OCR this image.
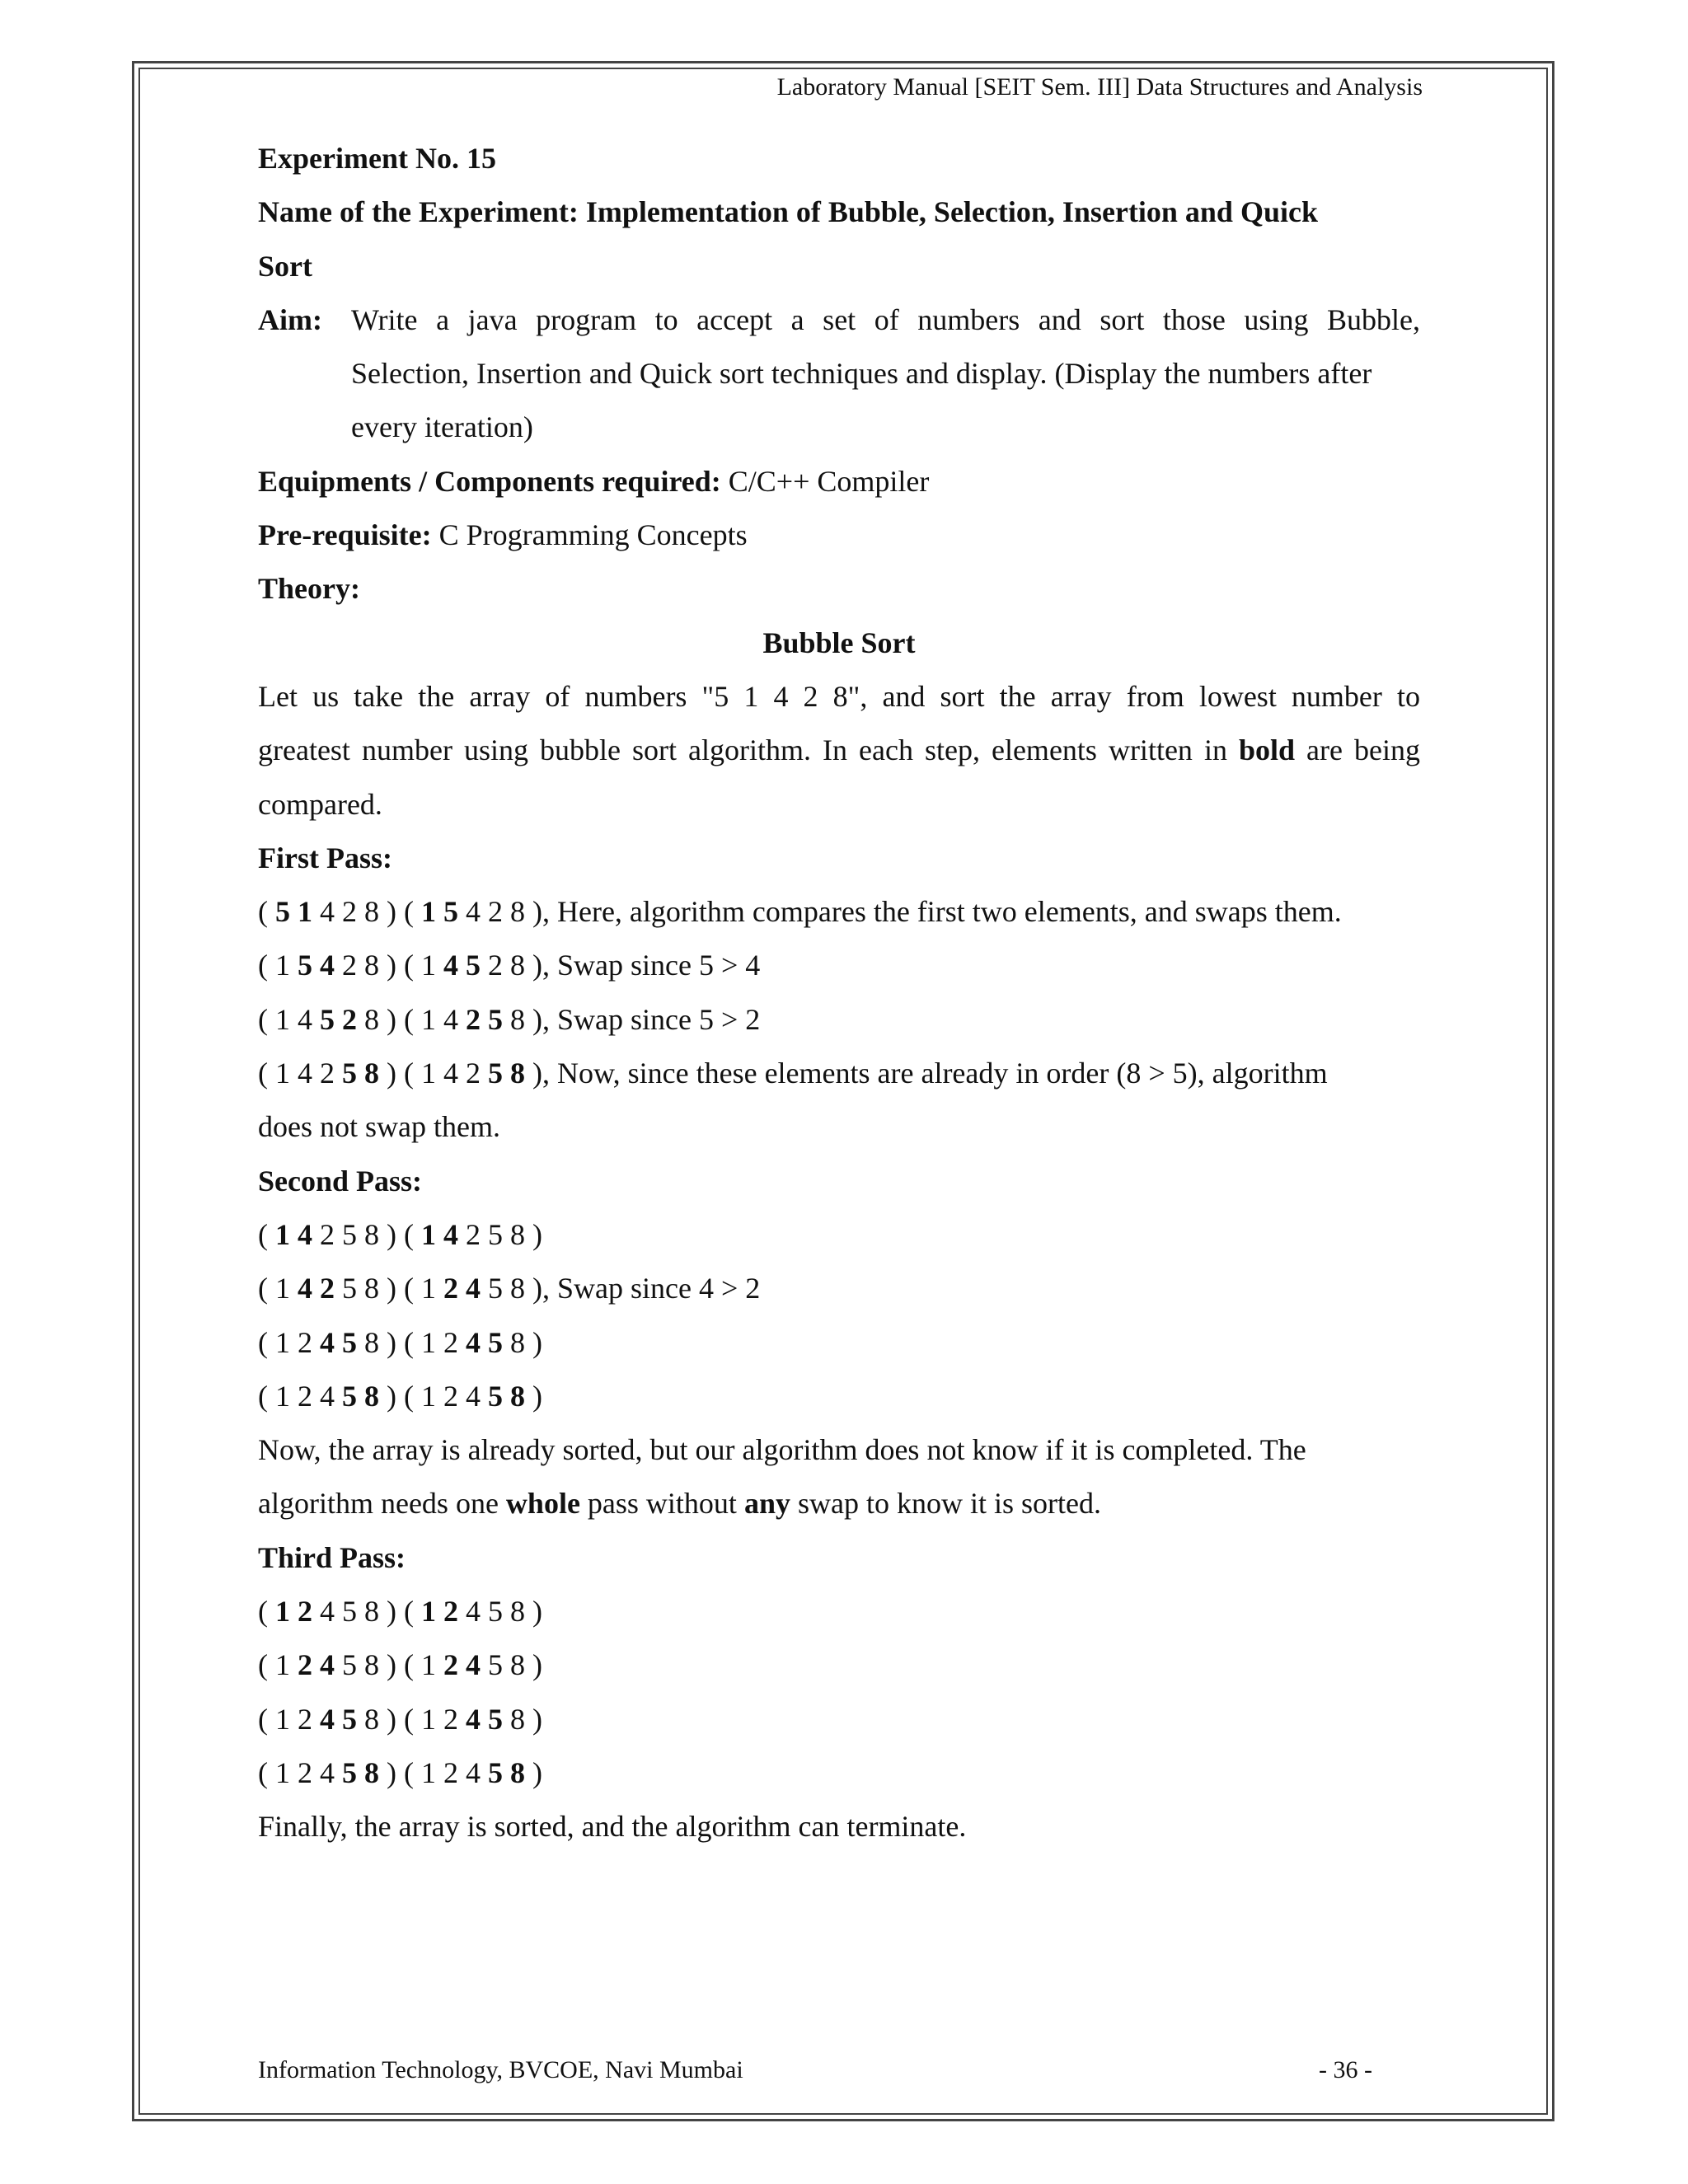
Laboratory Manual [SEIT Sem. III] Data Structures and Analysis
Experiment No. 15
Name of the Experiment: Implementation of Bubble, Selection, Insertion and Quick
Sort
Aim: Write a java program to accept a set of numbers and sort those using Bubble,
Selection, Insertion and Quick sort techniques and display. (Display the numbers after
every iteration)
Equipments / Components required: C/C++ Compiler
Pre-requisite: C Programming Concepts
Theory:
Bubble Sort
Let us take the array of numbers "5 1 4 2 8", and sort the array from lowest number to
greatest number using bubble sort algorithm. In each step, elements written in bold are being
compared.
First Pass:
( 5 1 4 2 8 ) ( 1 5 4 2 8 ), Here, algorithm compares the first two elements, and swaps them.
( 1 5 4 2 8 ) ( 1 4 5 2 8 ), Swap since 5 > 4
( 1 4 5 2 8 ) ( 1 4 2 5 8 ), Swap since 5 > 2
( 1 4 2 5 8 ) ( 1 4 2 5 8 ), Now, since these elements are already in order (8 > 5), algorithm
does not swap them.
Second Pass:
( 1 4 2 5 8 ) ( 1 4 2 5 8 )
( 1 4 2 5 8 ) ( 1 2 4 5 8 ), Swap since 4 > 2
( 1 2 4 5 8 ) ( 1 2 4 5 8 )
( 1 2 4 5 8 ) ( 1 2 4 5 8 )
Now, the array is already sorted, but our algorithm does not know if it is completed. The
algorithm needs one whole pass without any swap to know it is sorted.
Third Pass:
( 1 2 4 5 8 ) ( 1 2 4 5 8 )
( 1 2 4 5 8 ) ( 1 2 4 5 8 )
( 1 2 4 5 8 ) ( 1 2 4 5 8 )
( 1 2 4 5 8 ) ( 1 2 4 5 8 )
Finally, the array is sorted, and the algorithm can terminate.
Information Technology, BVCOE, Navi Mumbai	- 36 -
